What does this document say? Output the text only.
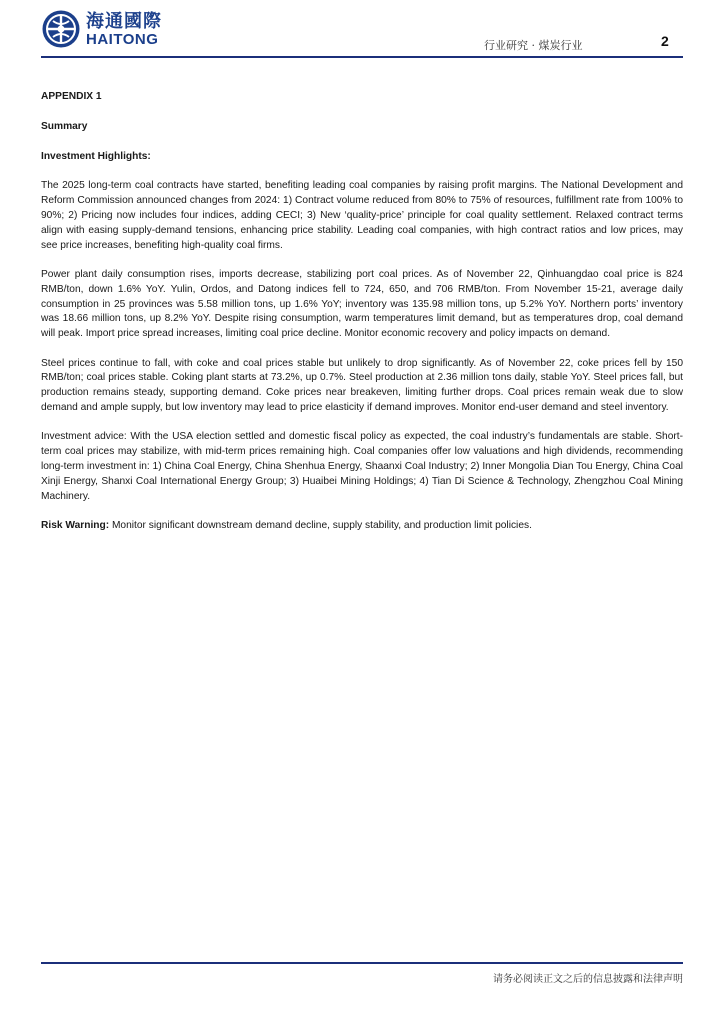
海通國際
HAITONG	行业研究 · 煤炭行业	2

APPENDIX 1

Summary

Investment Highlights:

The 2025 long-term coal contracts have started, benefiting leading coal companies by raising profit margins. The National Development and Reform Commission announced changes from 2024: 1) Contract volume reduced from 80% to 75% of resources, fulfillment rate from 100% to 90%; 2) Pricing now includes four indices, adding CECI; 3) New ‘quality-price’ principle for coal quality settlement. Relaxed contract terms align with easing supply-demand tensions, enhancing price stability. Leading coal companies, with high contract ratios and low prices, may see price increases, benefiting high-quality coal firms.

Power plant daily consumption rises, imports decrease, stabilizing port coal prices. As of November 22, Qinhuangdao coal price is 824 RMB/ton, down 1.6% YoY. Yulin, Ordos, and Datong indices fell to 724, 650, and 706 RMB/ton. From November 15-21, average daily consumption in 25 provinces was 5.58 million tons, up 1.6% YoY; inventory was 135.98 million tons, up 5.2% YoY. Northern ports’ inventory was 18.66 million tons, up 8.2% YoY. Despite rising consumption, warm temperatures limit demand, but as temperatures drop, coal demand will peak. Import price spread increases, limiting coal price decline. Monitor economic recovery and policy impacts on demand.

Steel prices continue to fall, with coke and coal prices stable but unlikely to drop significantly. As of November 22, coke prices fell by 150 RMB/ton; coal prices stable. Coking plant starts at 73.2%, up 0.7%. Steel production at 2.36 million tons daily, stable YoY. Steel prices fall, but production remains steady, supporting demand. Coke prices near breakeven, limiting further drops. Coal prices remain weak due to slow demand and ample supply, but low inventory may lead to price elasticity if demand improves. Monitor end-user demand and steel inventory.

Investment advice: With the USA election settled and domestic fiscal policy as expected, the coal industry’s fundamentals are stable. Short-term coal prices may stabilize, with mid-term prices remaining high. Coal companies offer low valuations and high dividends, recommending long-term investment in: 1) China Coal Energy, China Shenhua Energy, Shaanxi Coal Industry; 2) Inner Mongolia Dian Tou Energy, China Coal Xinji Energy, Shanxi Coal International Energy Group; 3) Huaibei Mining Holdings; 4) Tian Di Science & Technology, Zhengzhou Coal Mining Machinery.

Risk Warning: Monitor significant downstream demand decline, supply stability, and production limit policies.

请务必阅读正文之后的信息披露和法律声明
